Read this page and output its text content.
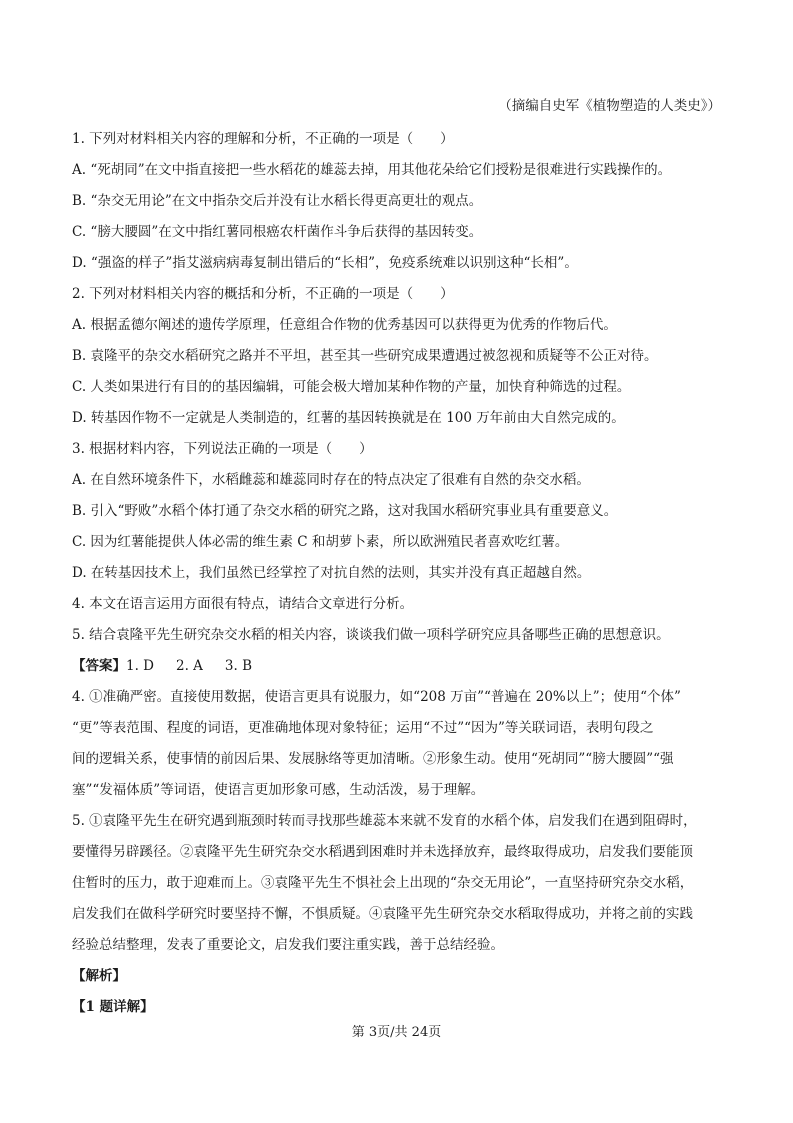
（摘编自史军《植物塑造的人类史》）
1. 下列对材料相关内容的理解和分析，不正确的一项是（　　）
A. “死胡同”在文中指直接把一些水稻花的雄蕊去掉，用其他花朵给它们授粉是很难进行实践操作的。
B. “杂交无用论”在文中指杂交后并没有让水稻长得更高更壮的观点。
C. “膀大腰圆”在文中指红薯同根癌农杆菌作斗争后获得的基因转变。
D. “强盗的样子”指艾滋病病毒复制出错后的“长相”，免疫系统难以识别这种“长相”。
2. 下列对材料相关内容的概括和分析，不正确的一项是（　　）
A. 根据孟德尔阐述的遗传学原理，任意组合作物的优秀基因可以获得更为优秀的作物后代。
B. 袁隆平的杂交水稻研究之路并不平坦，甚至其一些研究成果遭遇过被忽视和质疑等不公正对待。
C. 人类如果进行有目的的基因编辑，可能会极大增加某种作物的产量，加快育种筛选的过程。
D. 转基因作物不一定就是人类制造的，红薯的基因转换就是在 100 万年前由大自然完成的。
3. 根据材料内容，下列说法正确的一项是（　　）
A. 在自然环境条件下，水稻雌蕊和雄蕊同时存在的特点决定了很难有自然的杂交水稻。
B. 引入“野败”水稻个体打通了杂交水稻的研究之路，这对我国水稻研究事业具有重要意义。
C. 因为红薯能提供人体必需的维生素 C 和胡萝卜素，所以欧洲殖民者喜欢吃红薯。
D. 在转基因技术上，我们虽然已经掌控了对抗自然的法则，其实并没有真正超越自然。
4. 本文在语言运用方面很有特点，请结合文章进行分析。
5. 结合袁隆平先生研究杂交水稻的相关内容，谈谈我们做一项科学研究应具备哪些正确的思想意识。
【答案】1. D 2. A 3. B
4. ①准确严密。直接使用数据，使语言更具有说服力，如“208 万亩”“普遍在 20%以上”；使用“个体”
“更”等表范围、程度的词语，更准确地体现对象特征；运用“不过”“因为”等关联词语，表明句段之
间的逻辑关系，使事情的前因后果、发展脉络等更加清晰。②形象生动。使用“死胡同”“膀大腰圆”“强
塞”“发福体质”等词语，使语言更加形象可感，生动活泼，易于理解。
5. ①袁隆平先生在研究遇到瓶颈时转而寻找那些雄蕊本来就不发育的水稻个体，启发我们在遇到阻碍时，
要懂得另辟蹊径。②袁隆平先生研究杂交水稻遇到困难时并未选择放弃，最终取得成功，启发我们要能顶
住暂时的压力，敢于迎难而上。③袁隆平先生不惧社会上出现的“杂交无用论”，一直坚持研究杂交水稻，
启发我们在做科学研究时要坚持不懈，不惧质疑。④袁隆平先生研究杂交水稻取得成功，并将之前的实践
经验总结整理，发表了重要论文，启发我们要注重实践，善于总结经验。
【解析】
【1 题详解】
第 3页/共 24页
